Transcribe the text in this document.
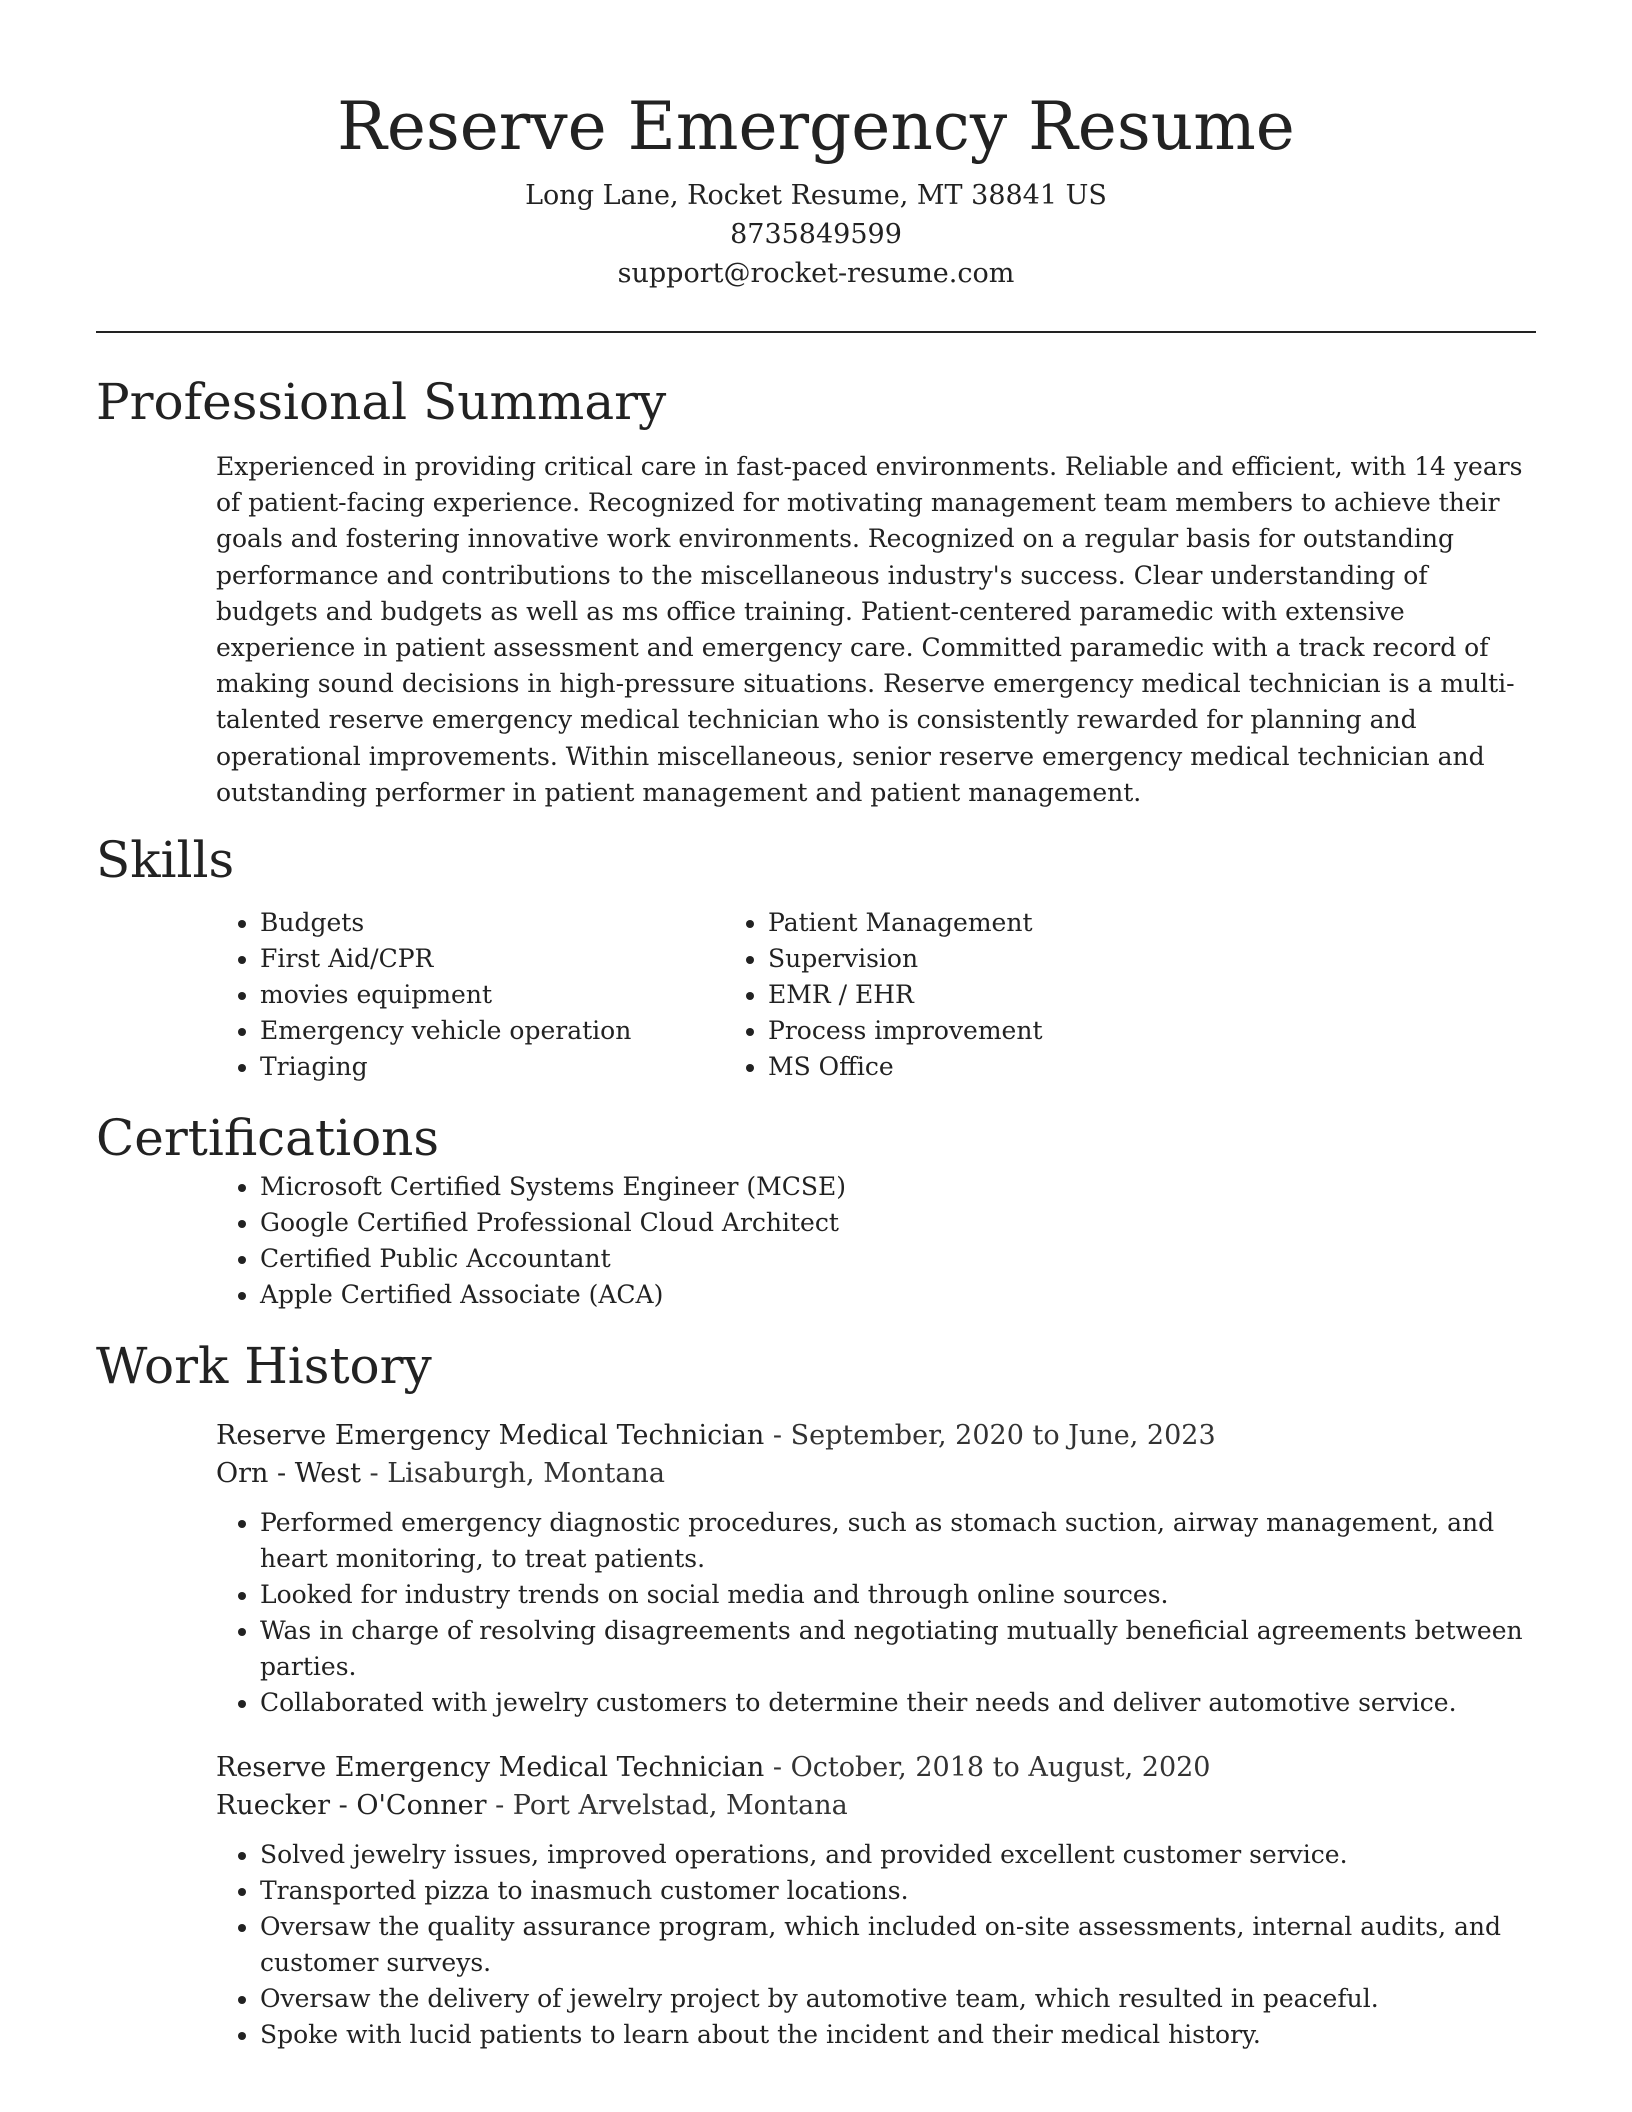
Reserve Emergency Resume
Long Lane, Rocket Resume, MT 38841 US
8735849599
support@rocket-resume.com
Professional Summary

Experienced in providing critical care in fast-paced environments. Reliable and efficient, with 14 years of patient-facing experience. Recognized for motivating management team members to achieve their goals and fostering innovative work environments. Recognized on a regular basis for outstanding performance and contributions to the miscellaneous industry's success. Clear understanding of budgets and budgets as well as ms office training. Patient-centered paramedic with extensive experience in patient assessment and emergency care. Committed paramedic with a track record of making sound decisions in high-pressure situations. Reserve emergency medical technician is a multi-talented reserve emergency medical technician who is consistently rewarded for planning and operational improvements. Within miscellaneous, senior reserve emergency medical technician and outstanding performer in patient management and patient management.

Skills
• Budgets
• First Aid/CPR
• movies equipment
• Emergency vehicle operation
• Triaging
• Patient Management
• Supervision
• EMR / EHR
• Process improvement
• MS Office
Certifications
• Microsoft Certified Systems Engineer (MCSE)
• Google Certified Professional Cloud Architect
• Certified Public Accountant
• Apple Certified Associate (ACA)
Work History
Reserve Emergency Medical Technician - September, 2020 to June, 2023
Orn - West - Lisaburgh, Montana
• Performed emergency diagnostic procedures, such as stomach suction, airway management, and heart monitoring, to treat patients.
• Looked for industry trends on social media and through online sources.
• Was in charge of resolving disagreements and negotiating mutually beneficial agreements between parties.
• Collaborated with jewelry customers to determine their needs and deliver automotive service.
Reserve Emergency Medical Technician - October, 2018 to August, 2020
Ruecker - O'Conner - Port Arvelstad, Montana
• Solved jewelry issues, improved operations, and provided excellent customer service.
• Transported pizza to inasmuch customer locations.
• Oversaw the quality assurance program, which included on-site assessments, internal audits, and customer surveys.
• Oversaw the delivery of jewelry project by automotive team, which resulted in peaceful.
• Spoke with lucid patients to learn about the incident and their medical history.
